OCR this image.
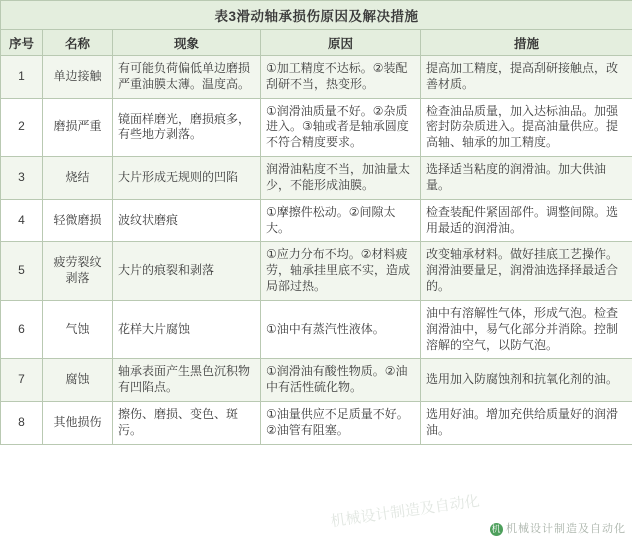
表3滑动轴承损伤原因及解决措施				
序号	名称	现象	原因	措施
1	单边接触	有可能负荷偏低单边磨损严重油膜太薄。温度高。	①加工精度不达标。②装配刮研不当，热变形。	提高加工精度，提高刮研接触点，改善材质。
2	磨损严重	镜面样磨光，磨损痕多，有些地方剥落。	①润滑油质量不好。②杂质进入。③轴或者是轴承圆度不符合精度要求。	检查油品质量，加入达标油品。加强密封防杂质进入。提高油量供应。提高轴、轴承的加工精度。
3	烧结	大片形成无规则的凹陷	润滑油粘度不当，加油量太少，不能形成油膜。	选择适当粘度的润滑油。加大供油量。
4	轻微磨损	波纹状磨痕	①摩擦件松动。②间隙太大。	检查装配件紧固部件。调整间隙。选用最适的润滑油。
5	疲劳裂纹剥落	大片的痕裂和剥落	①应力分布不均。②材料疲劳，轴承挂里底不实，造成局部过热。	改变轴承材料。做好挂底工艺操作。润滑油要量足，润滑油选择择最适合的。
6	气蚀	花样大片腐蚀	①油中有蒸汽性液体。	油中有溶解性气体，形成气泡。检查润滑油中，易气化部分并消除。控制溶解的空气，以防气泡。
7	腐蚀	轴承表面产生黑色沉积物有凹陷点。	①润滑油有酸性物质。②油中有活性硫化物。	选用加入防腐蚀剂和抗氧化剂的油。
8	其他损伤	擦伤、磨损、变色、斑污。	①油量供应不足质量不好。②油管有阻塞。	选用好油。增加充供给质量好的润滑油。
机械设计制造及自动化 机 机械设计制造及自动化
